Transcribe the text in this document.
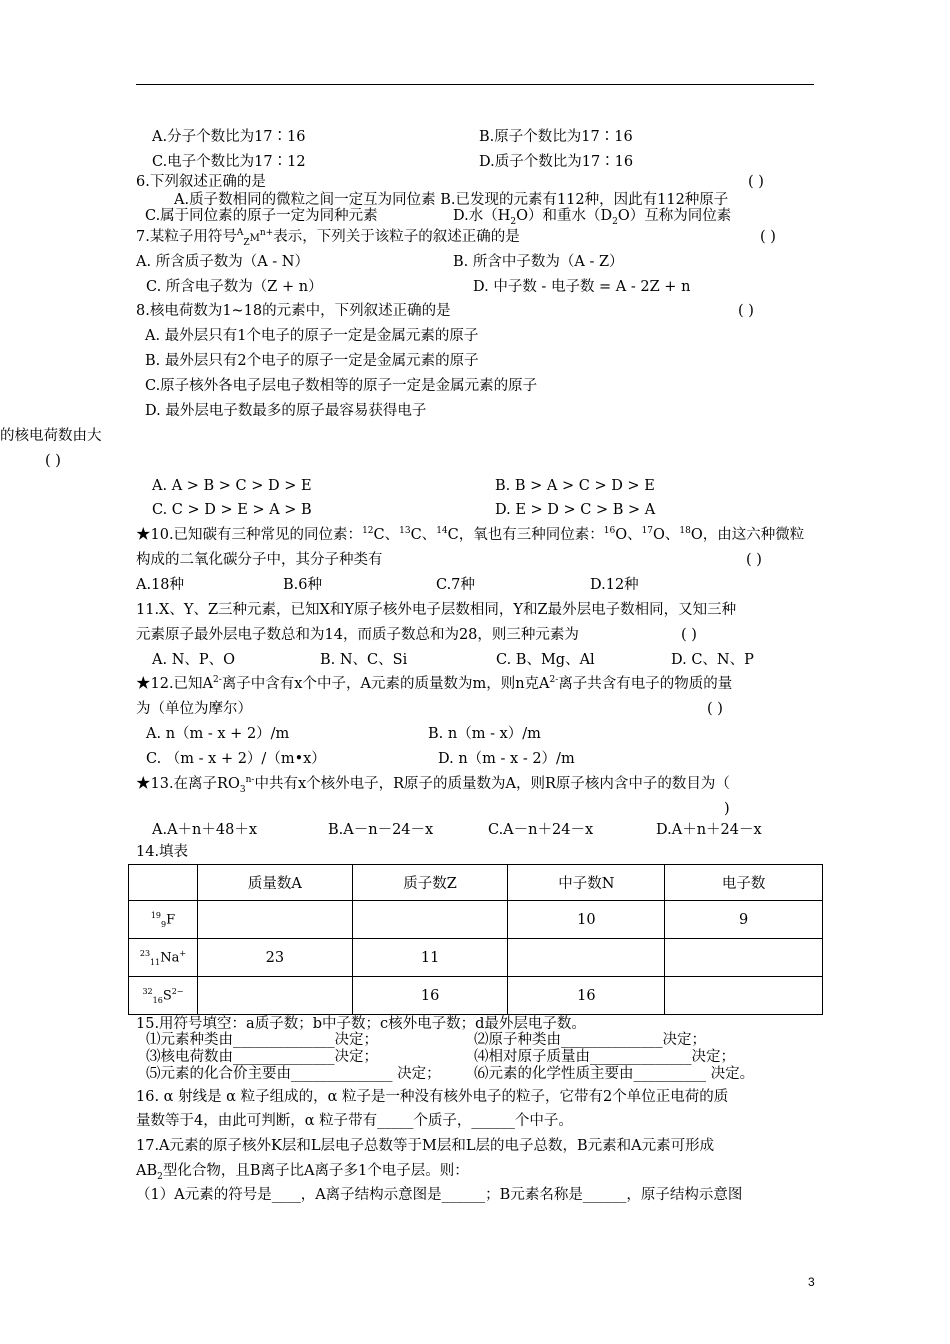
A.分子个数比为17∶16	B.原子个数比为17∶16
C.电子个数比为17∶12	D.质子个数比为17∶16
6.下列叙述正确的是	( )
A.质子数相同的微粒之间一定互为同位素 B.已发现的元素有112种，因此有112种原子
C.属于同位素的原子一定为同种元素	D.水$(H_2O)$和重水$(D_2O)$互称为同位素
7.某粒子用符号$^A_ZM^{n+}$表示，下列关于该粒子的叙述正确的是	( )
A. 所含质子数为（A - N）	B. 所含中子数为（A - Z）
C. 所含电子数为（Z + n）	D. 中子数 - 电子数 = A - 2Z + n
8.核电荷数为1~18的元素中，下列叙述正确的是	( )
A. 最外层只有1个电子的原子一定是金属元素的原子
B. 最外层只有2个电子的原子一定是金属元素的原子
C.原子核外各电子层电子数相等的原子一定是金属元素的原子
D. 最外层电子数最多的原子最容易获得电子
的核电荷数由大
( )
A. A > B > C > D > E	B. B > A > C > D > E
C. C > D > E > A > B	D. E > D > C > B > A
★10.已知碳有三种常见的同位素：$^{12}$C、$^{13}$C、$^{14}$C，氧也有三种同位素：$^{16}$O、$^{17}$O、$^{18}$O，由这六种微粒
构成的二氧化碳分子中，其分子种类有	( )
A.18种	B.6种	C.7种	D.12种
11.X、Y、Z三种元素，已知X和Y原子核外电子层数相同，Y和Z最外层电子数相同，又知三种
元素原子最外层电子数总和为14，而质子数总和为28，则三种元素为	( )
A. N、P、O	B. N、C、Si	C. B、Mg、Al	D. C、N、P
★12.已知$A^{2-}$离子中含有x个中子，A元素的质量数为m，则n克$A^{2-}$离子共含有电子的物质的量
为（单位为摩尔）	( )
A. n（m - x + 2）/m	B. n（m - x）/m
C. （m - x + 2）/（m•x）	D. n（m - x - 2）/m
★13.在离子$RO_3^{n-}$中共有x个核外电子，R原子的质量数为A，则R原子核内含中子的数目为（
)
A.A＋n＋48＋x	B.A－n－24－x	C.A－n＋24－x	D.A＋n＋24－x
14.填表
	质量数A	质子数Z	中子数N	电子数
$^{19}_9$F			10	9
$^{23}_{11}$Na+	23	11		
$^{32}_{16}S^{2-}$		16	16	
15.用符号填空：a质子数；b中子数；c核外电子数；d最外层电子数。
⑴元素种类由______________决定；	⑵原子种类由______________决定；
⑶核电荷数由______________决定；	⑷相对原子质量由______________决定；
⑸元素的化合价主要由______________ 决定； ⑹元素的化学性质主要由__________ 决定。
16. α 射线是 α 粒子组成的，α 粒子是一种没有核外电子的粒子，它带有2个单位正电荷的质
量数等于4，由此可判断，α 粒子带有_____个质子，______个中子。
17.A元素的原子核外K层和L层电子总数等于M层和L层的电子总数，B元素和A元素可形成
$AB_2$型化合物，且B离子比A离子多1个电子层。则：
（1）A元素的符号是____，A离子结构示意图是______；B元素名称是______，原子结构示意图
3
